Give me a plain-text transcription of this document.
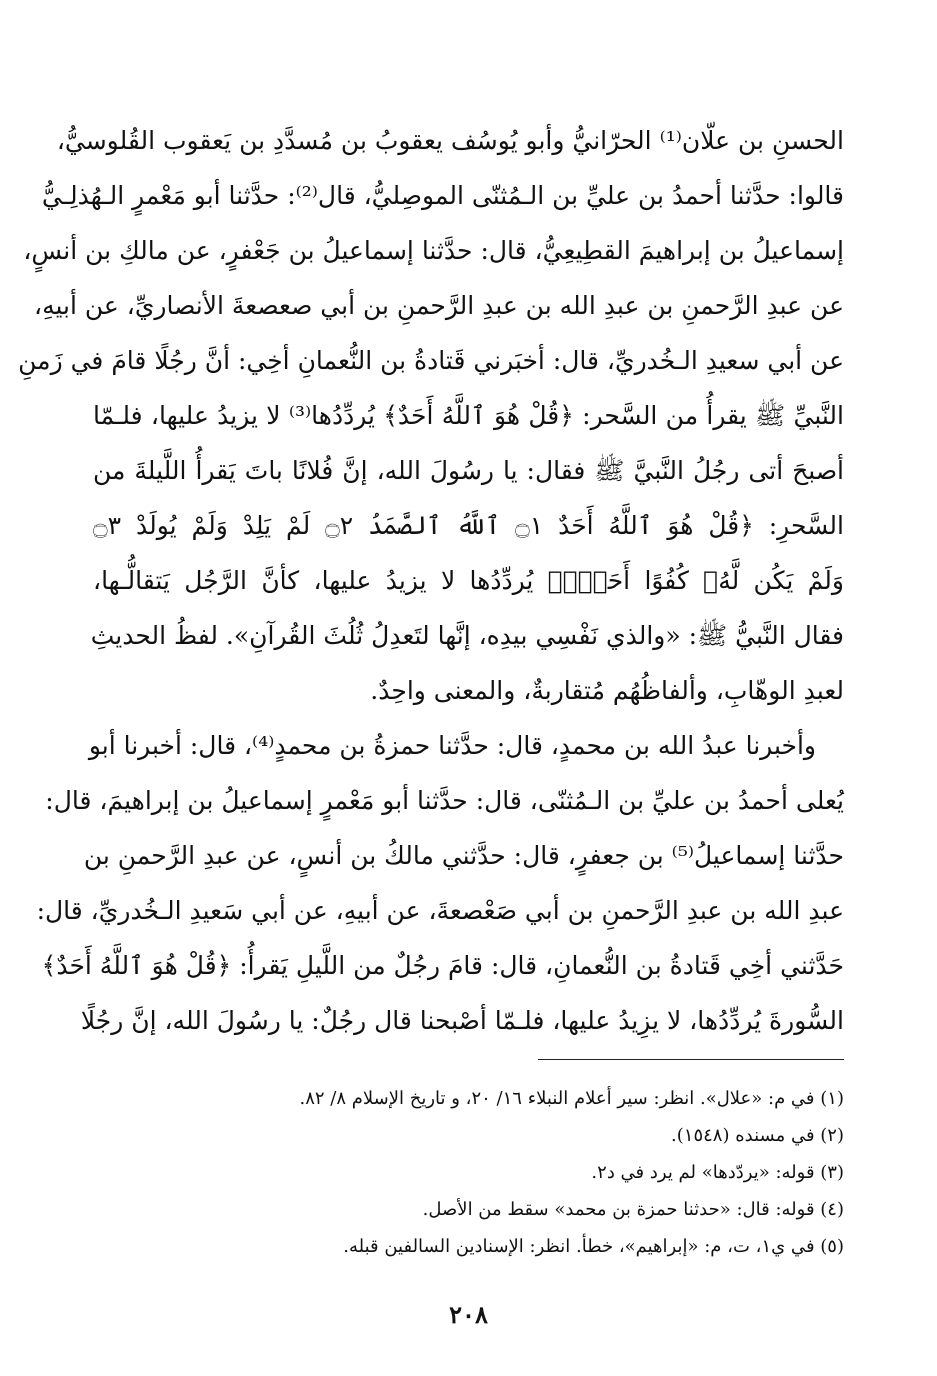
الحسنِ بن علّان⁽¹⁾ الحرّانيُّ وأبو يُوسُف يعقوبُ بن مُسدَّدِ بن يَعقوب القُلوسيُّ،
قالوا: حدَّثنا أحمدُ بن عليِّ بن الـمُثنّى الموصِليُّ، قال⁽²⁾: حدَّثنا أبو مَعْمرٍ الـهُذلِـيُّ
إسماعيلُ بن إبراهيمَ القطِيعِيُّ، قال: حدَّثنا إسماعيلُ بن جَعْفرٍ، عن مالكِ بن أنسٍ،
عن عبدِ الرَّحمنِ بن عبدِ الله بن عبدِ الرَّحمنِ بن أبي صعصعةَ الأنصاريِّ، عن أبيهِ،
عن أبي سعيدِ الـخُدريِّ، قال: أخبَرني قَتادةُ بن النُّعمانِ أخِي: أنَّ رجُلًا قامَ في زَمنِ
النَّبيِّ ﷺ يقرأُ من السَّحر: ﴿قُلْ هُوَ ٱللَّهُ أَحَدٌ﴾ يُردِّدُها⁽³⁾ لا يزيدُ عليها، فلـمّا
أصبحَ أتى رجُلُ النَّبيَّ ﷺ فقال: يا رسُولَ الله، إنَّ فُلانًا باتَ يَقرأُ اللَّيلةَ من
السَّحرِ: ﴿قُلْ هُوَ ٱللَّهُ أَحَدٌ ۝١ ٱللَّهُ ٱلصَّمَدُ ۝٢ لَمْ يَلِدْ وَلَمْ يُولَدْ ۝٣
وَلَمْ يَكُن لَّهُۥ كُفُوًا أَحَدٌۢ﴾ يُردِّدُها لا يزيدُ عليها، كأنَّ الرَّجُل يَتقالُّـها،
فقال النَّبيُّ ﷺ: «والذي نَفْسِي بيدِه، إنَّها لتَعدِلُ ثُلُثَ القُرآنِ». لفظُ الحديثِ
لعبدِ الوهّابِ، وألفاظُهُم مُتقاربةٌ، والمعنى واحِدٌ.
وأخبرنا عبدُ الله بن محمدٍ، قال: حدَّثنا حمزةُ بن محمدٍ⁽⁴⁾، قال: أخبرنا أبو
يُعلى أحمدُ بن عليِّ بن الـمُثنّى، قال: حدَّثنا أبو مَعْمرٍ إسماعيلُ بن إبراهيمَ، قال:
حدَّثنا إسماعيلُ⁽⁵⁾ بن جعفرٍ، قال: حدَّثني مالكُ بن أنسٍ، عن عبدِ الرَّحمنِ بن
عبدِ الله بن عبدِ الرَّحمنِ بن أبي صَعْصعةَ، عن أبيهِ، عن أبي سَعيدِ الـخُدريِّ، قال:
حَدَّثني أخِي قَتادةُ بن النُّعمانِ، قال: قامَ رجُلٌ من اللَّيلِ يَقرأُ: ﴿قُلْ هُوَ ٱللَّهُ أَحَدٌ﴾
السُّورةَ يُردِّدُها، لا يزِيدُ عليها، فلـمّا أصْبحنا قال رجُلٌ: يا رسُولَ الله، إنَّ رجُلًا
(١) في م: «علال». انظر: سير أعلام النبلاء ١٦/ ٢٠، و تاريخ الإسلام ٨/ ٨٢.
(٢) في مسنده (١٥٤٨).
(٣) قوله: «يردّدها» لم يرد في د٢.
(٤) قوله: قال: «حدثنا حمزة بن محمد» سقط من الأصل.
(٥) في ي١، ت، م: «إبراهيم»، خطأ. انظر: الإسنادين السالفين قبله.
٢٠٨
